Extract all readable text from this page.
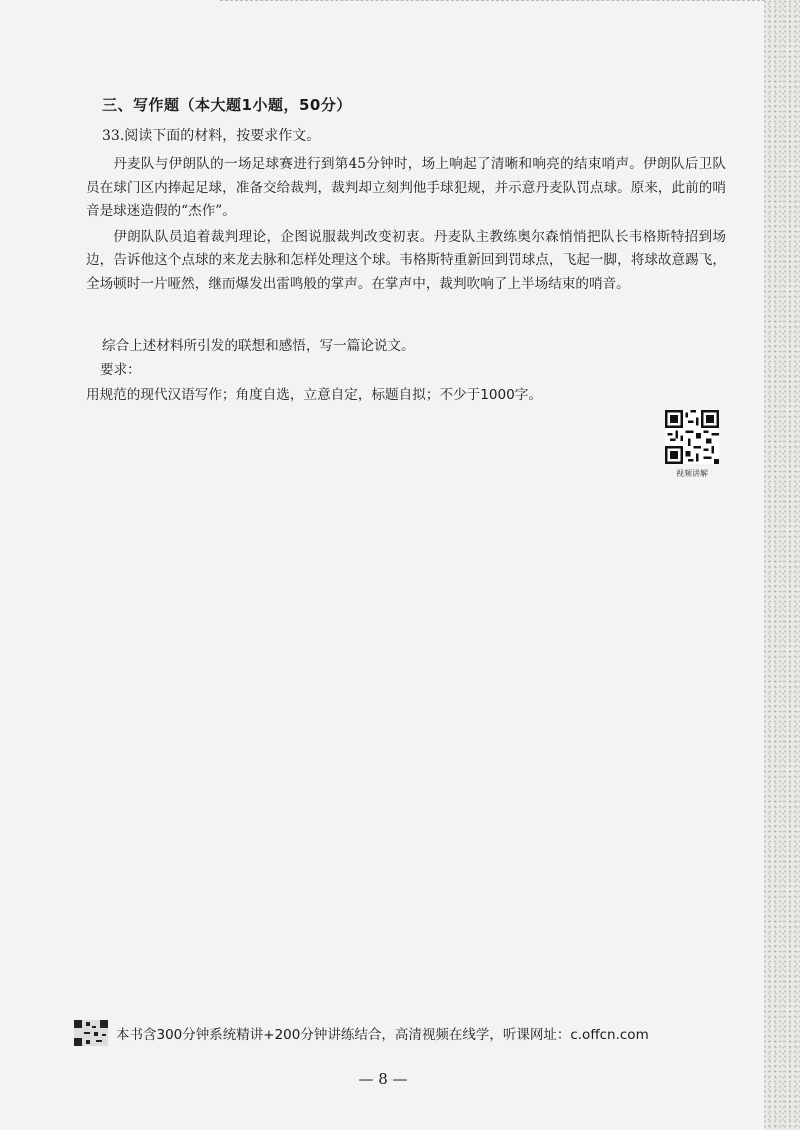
三、写作题（本大题1小题，50分）
33.阅读下面的材料，按要求作文。

丹麦队与伊朗队的一场足球赛进行到第45分钟时，场上响起了清晰和响亮的结束哨声。伊朗队后卫队员在球门区内捧起足球，准备交给裁判，裁判却立刻判他手球犯规，并示意丹麦队罚点球。原来，此前的哨音是球迷造假的“杰作”。

伊朗队队员追着裁判理论，企图说服裁判改变初衷。丹麦队主教练奥尔森悄悄把队长韦格斯特招到场边，告诉他这个点球的来龙去脉和怎样处理这个球。韦格斯特重新回到罚球点，飞起一脚，将球故意踢飞，全场顿时一片哑然，继而爆发出雷鸣般的掌声。在掌声中，裁判吹响了上半场结束的哨音。

综合上述材料所引发的联想和感悟，写一篇论说文。
要求：
用规范的现代汉语写作；角度自选，立意自定，标题自拟；不少于1000字。
视频讲解
本书含300分钟系统精讲+200分钟讲练结合，高清视频在线学，听课网址：c.offcn.com
— 8 —
